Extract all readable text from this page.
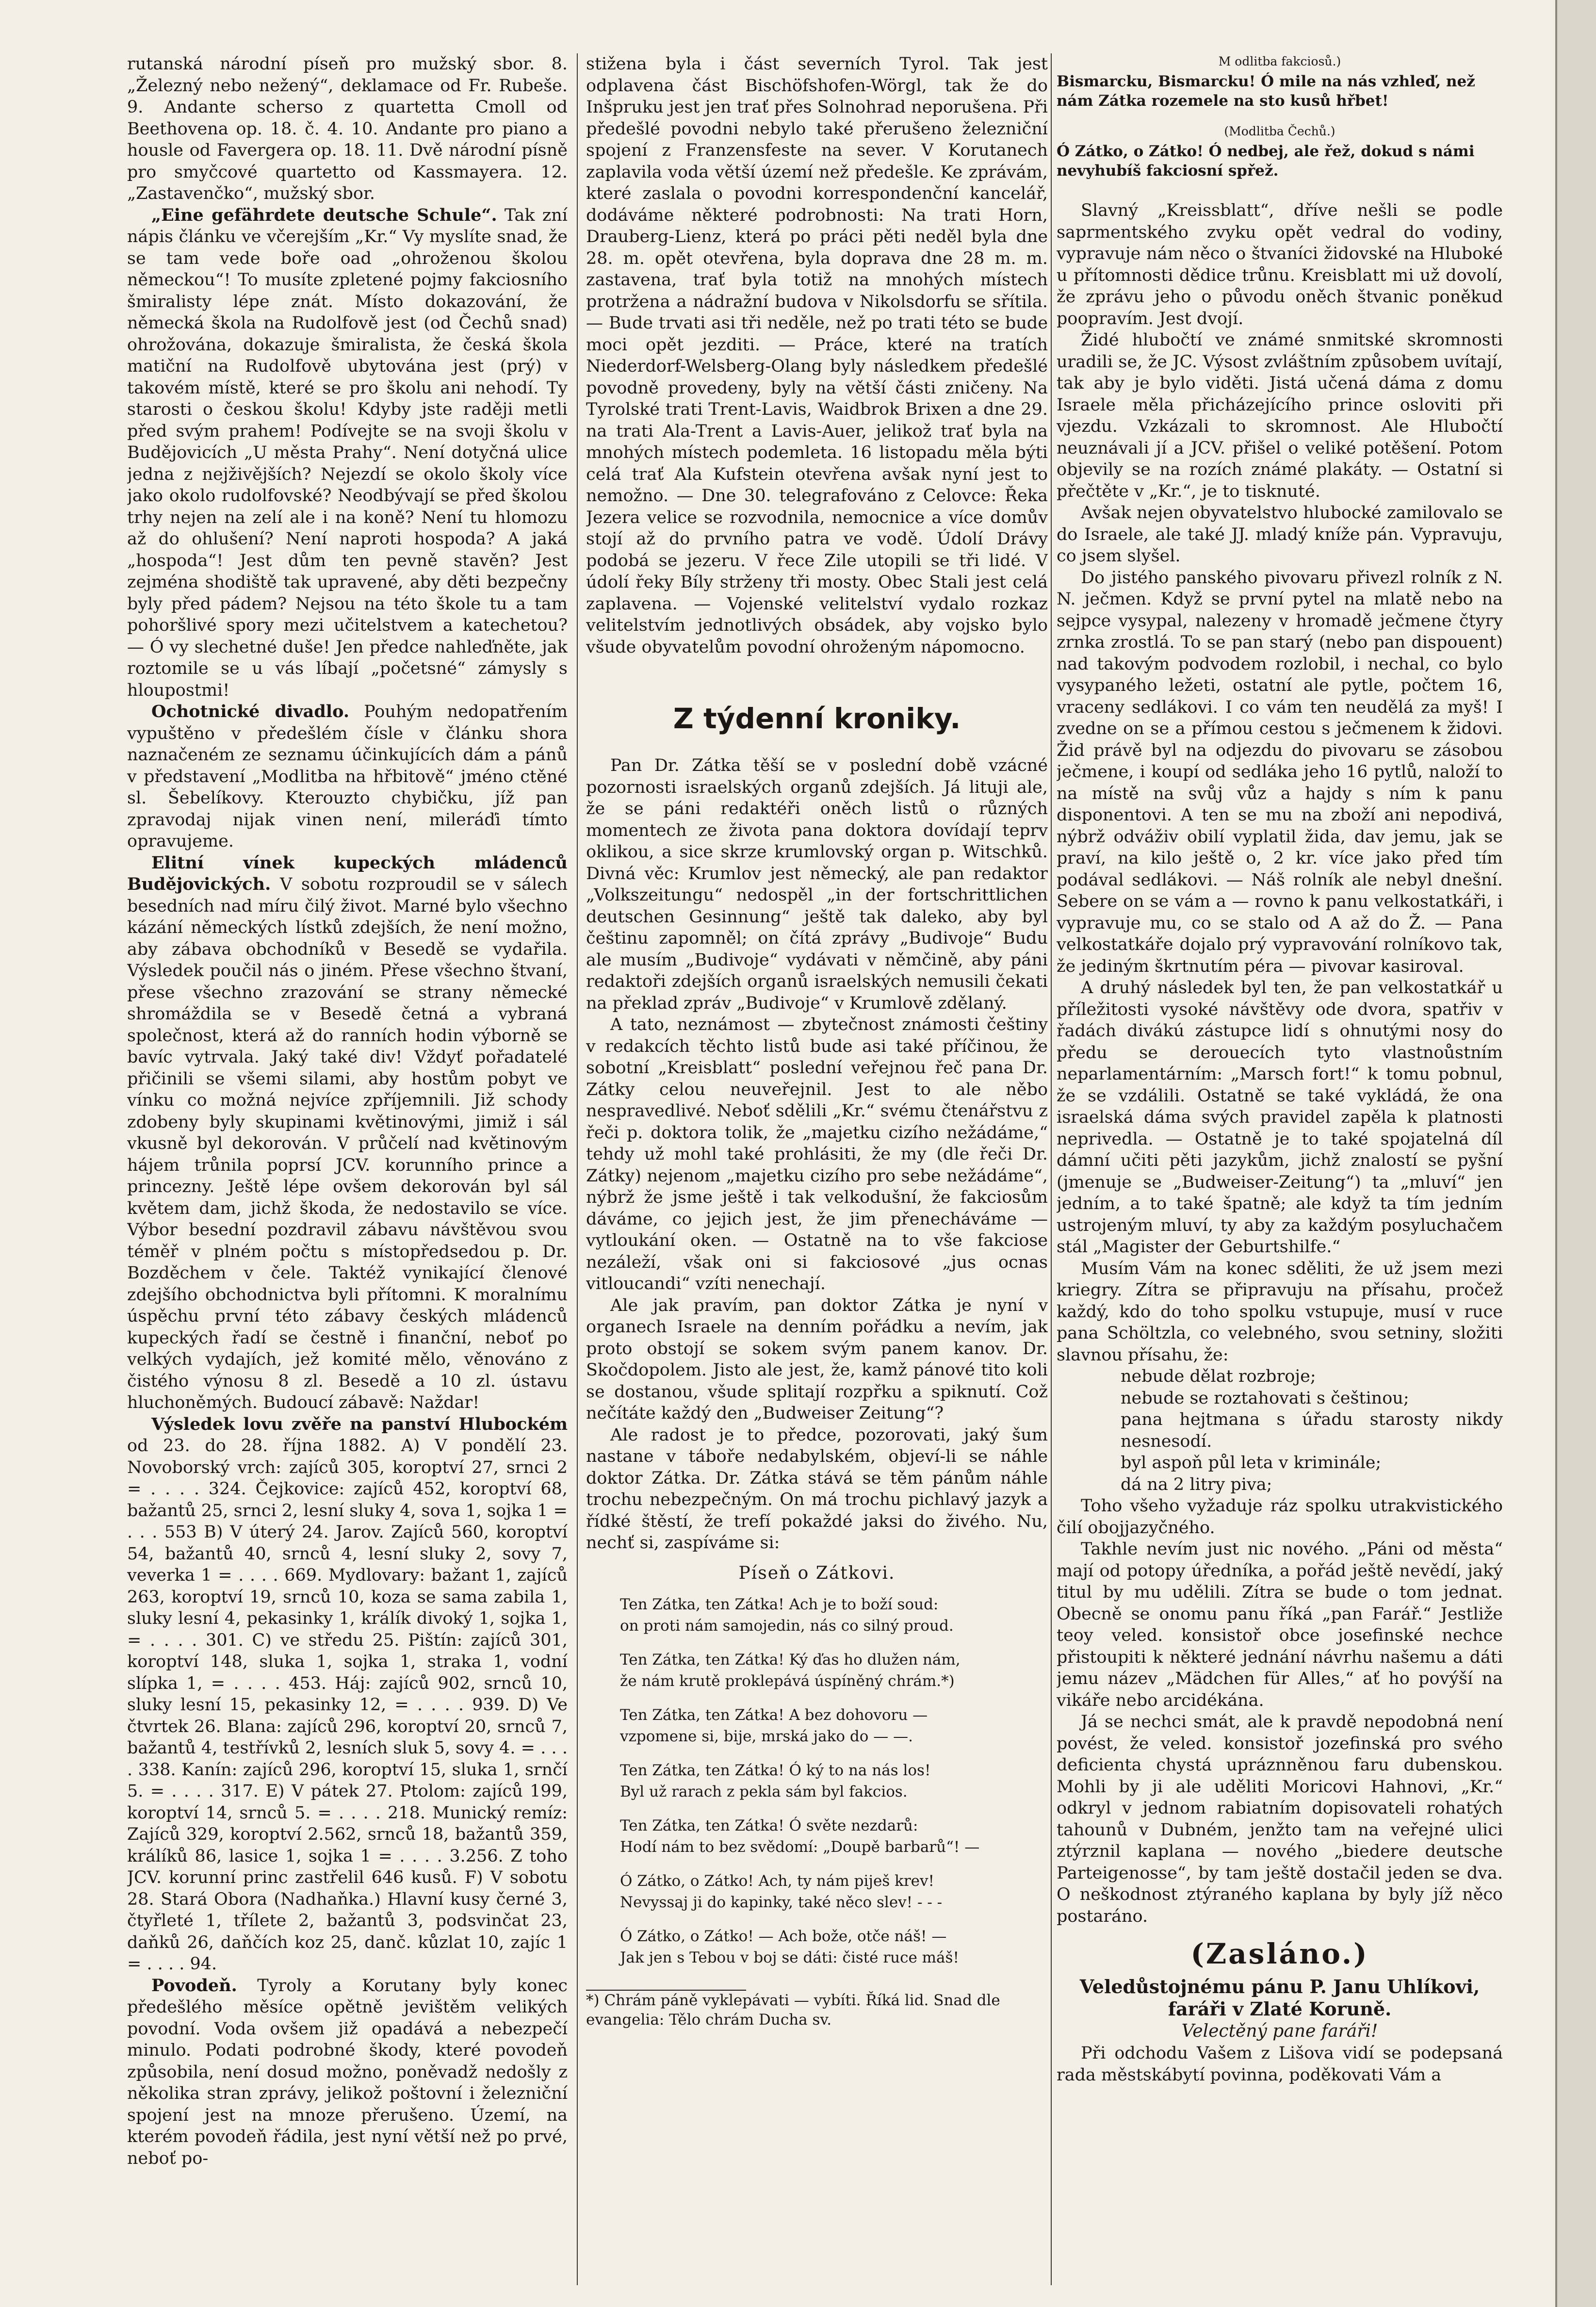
rutanská národní píseň pro mužský sbor. 8. „Železný nebo nežený“, deklamace od Fr. Rubeše. 9. Andante scherso z quartetta Cmoll od Beethovena op. 18. č. 4. 10. Andante pro piano a housle od Favergera op. 18. 11. Dvě národní písně pro smyčcové quartetto od Kassmayera. 12. „Zastavenčko“, mužský sbor.

„Eine gefährdete deutsche Schule“. Tak zní nápis článku ve včerejším „Kr.“ Vy myslíte snad, že se tam vede boře oad „ohroženou školou německou“! To musíte zpletené pojmy fakciosního šmiralisty lépe znát. Místo dokazování, že německá škola na Rudolfově jest (od Čechů snad) ohrožována, dokazuje šmiralista, že česká škola matiční na Rudolfově ubytována jest (prý) v takovém místě, které se pro školu ani nehodí. Ty starosti o českou školu! Kdyby jste raději metli před svým prahem! Podívejte se na svoji školu v Budějovicích „U města Prahy“. Není dotyčná ulice jedna z nejživějších? Nejezdí se okolo školy více jako okolo rudolfovské? Neodbývají se před školou trhy nejen na zelí ale i na koně? Není tu hlomozu až do ohlušení? Není naproti hospoda? A jaká „hospoda“! Jest dům ten pevně stavěn? Jest zejména shodiště tak upravené, aby děti bezpečny byly před pádem? Nejsou na této škole tu a tam pohoršlivé spory mezi učitelstvem a katechetou? — Ó vy slechetné duše! Jen předce nahleďněte, jak roztomile se u vás líbají „početsné“ zámysly s hloupostmi!

Ochotnické divadlo. Pouhým nedopatřením vypuštěno v předešlém čísle v článku shora naznačeném ze seznamu účinkujících dám a pánů v představení „Modlitba na hřbitově“ jméno ctěné sl. Šebelíkovy. Kterouzto chybičku, jíž pan zpravodaj nijak vinen není, mileráďi tímto opravujeme.

Elitní vínek kupeckých mládenců Budějovických. V sobotu rozproudil se v sálech besedních nad míru čilý život. Marné bylo všechno kázání německých lístků zdejších, že není možno, aby zábava obchodníků v Besedě se vydařila. Výsledek poučil nás o jiném. Přese všechno štvaní, přese všechno zrazování se strany německé shromáždila se v Besedě četná a vybraná společnost, která až do ranních hodin výborně se bavíc vytrvala. Jaký také div! Vždyť pořadatelé přičinili se všemi silami, aby hostům pobyt ve vínku co možná nejvíce zpříjemnili. Již schody zdobeny byly skupinami květinovými, jimiž i sál vkusně byl dekorován. V průčelí nad květinovým hájem trůnila poprsí JCV. korunního prince a princezny. Ještě lépe ovšem dekorován byl sál květem dam, jichž škoda, že nedostavilo se více. Výbor besední pozdravil zábavu návštěvou svou téměř v plném počtu s místopředsedou p. Dr. Bozděchem v čele. Taktéž vynikající členové zdejšího obchodnictva byli přítomni. K moralnímu úspěchu první této zábavy českých mládenců kupeckých řadí se čestně i finanční, neboť po velkých vydajích, jež komité mělo, věnováno z čistého výnosu 8 zl. Besedě a 10 zl. ústavu hluchoněmých. Budoucí zábavě: Naždar!

Výsledek lovu zvěře na panství Hlubockém od 23. do 28. října 1882. A) V pondělí 23. Novoborský vrch: zajíců 305, koroptví 27, srnci 2 = . . . . 324. Čejkovice: zajíců 452, koroptví 68, bažantů 25, srnci 2, lesní sluky 4, sova 1, sojka 1 = . . . 553 B) V úterý 24. Jarov. Zajíců 560, koroptví 54, bažantů 40, srnců 4, lesní sluky 2, sovy 7, veverka 1 = . . . . 669. Mydlovary: bažant 1, zajíců 263, koroptví 19, srnců 10, koza se sama zabila 1, sluky lesní 4, pekasinky 1, králík divoký 1, sojka 1, = . . . . 301. C) ve středu 25. Pištín: zajíců 301, koroptví 148, sluka 1, sojka 1, straka 1, vodní slípka 1, = . . . . 453. Háj: zajíců 902, srnců 10, sluky lesní 15, pekasinky 12, = . . . . 939. D) Ve čtvrtek 26. Blana: zajíců 296, koroptví 20, srnců 7, bažantů 4, testřívků 2, lesních sluk 5, sovy 4. = . . . . 338. Kanín: zajíců 296, koroptví 15, sluka 1, srnčí 5. = . . . . 317. E) V pátek 27. Ptolom: zajíců 199, koroptví 14, srnců 5. = . . . . 218. Munický remíz: Zajíců 329, koroptví 2.562, srnců 18, bažantů 359, králíků 86, lasice 1, sojka 1 = . . . . 3.256. Z toho JCV. korunní princ zastřelil 646 kusů. F) V sobotu 28. Stará Obora (Nadhaňka.) Hlavní kusy černé 3, čtyřleté 1, třílete 2, bažantů 3, podsvinčat 23, daňků 26, daňčích koz 25, danč. kůzlat 10, zajíc 1 = . . . . 94.

Povodeň. Tyroly a Korutany byly konec předešlého měsíce opětně jevištěm velikých povodní. Voda ovšem již opadává a nebezpečí minulo. Podati podrobné škody, které povodeň způsobila, není dosud možno, poněvadž nedošly z několika stran zprávy, jelikož poštovní i železniční spojení jest na mnoze přerušeno. Území, na kterém povodeň řádila, jest nyní větší než po prvé, neboť po-

stižena byla i část severních Tyrol. Tak jest odplavena část Bischöfshofen-Wörgl, tak že do Inšpruku jest jen trať přes Solnohrad neporušena. Při předešlé povodni nebylo také přerušeno železniční spojení z Franzensfeste na sever. V Korutanech zaplavila voda větší území než předešle. Ke zprávám, které zaslala o povodni korrespondenční kancelář, dodáváme některé podrobnosti: Na trati Horn, Drauberg-Lienz, která po práci pěti neděl byla dne 28. m. opět otevřena, byla doprava dne 28 m. m. zastavena, trať byla totiž na mnohých místech protržena a nádražní budova v Nikolsdorfu se sřítila. — Bude trvati asi tři neděle, než po trati této se bude moci opět jezditi. — Práce, které na tratích Niederdorf-Welsberg-Olang byly následkem předešlé povodně provedeny, byly na větší části zničeny. Na Tyrolské trati Trent-Lavis, Waidbrok Brixen a dne 29. na trati Ala-Trent a Lavis-Auer, jelikož trať byla na mnohých místech podemleta. 16 listopadu měla býti celá trať Ala Kufstein otevřena avšak nyní jest to nemožno. — Dne 30. telegrafováno z Celovce: Řeka Jezera velice se rozvodnila, nemocnice a více domův stojí až do prvního patra ve vodě. Údolí Drávy podobá se jezeru. V řece Zile utopili se tři lidé. V údolí řeky Bíly strženy tři mosty. Obec Stali jest celá zaplavena. — Vojenské velitelství vydalo rozkaz velitelstvím jednotlivých obsádek, aby vojsko bylo všude obyvatelům povodní ohroženým nápomocno.

Z týdenní kroniky.

Pan Dr. Zátka těší se v poslední době vzácné pozornosti israelských organů zdejších. Já lituji ale, že se páni redaktéři oněch listů o různých momentech ze života pana doktora dovídají teprv oklikou, a sice skrze krumlovský organ p. Witschků. Divná věc: Krumlov jest německý, ale pan redaktor „Volkszeitungu“ nedospěl „in der fortschrittlichen deutschen Gesinnung“ ještě tak daleko, aby byl češtinu zapomněl; on čítá zprávy „Budivoje“ Budu ale musím „Budivoje“ vydávati v němčině, aby páni redaktoři zdejších organů israelských nemusili čekati na překlad zpráv „Budivoje“ v Krumlově zdělaný.

A tato, neznámost — zbytečnost známosti češtiny v redakcích těchto listů bude asi také příčinou, že sobotní „Kreisblatt“ poslední veřejnou řeč pana Dr. Zátky celou neuveřejnil. Jest to ale něbo nespravedlivé. Neboť sdělili „Kr.“ svému čtenářstvu z řeči p. doktora tolik, že „majetku cizího nežádáme,“ tehdy už mohl také prohlásiti, že my (dle řeči Dr. Zátky) nejenom „majetku cizího pro sebe nežádáme“, nýbrž že jsme ještě i tak velkodušní, že fakciosům dáváme, co jejich jest, že jim přenecháváme — vytloukání oken. — Ostatně na to vše fakciose nezáleží, však oni si fakciosové „jus ocnas vitloucandi“ vzíti nenechají.

Ale jak pravím, pan doktor Zátka je nyní v organech Israele na denním pořádku a nevím, jak proto obstojí se sokem svým panem kanov. Dr. Skočdopolem. Jisto ale jest, že, kamž pánové tito koli se dostanou, všude splitají rozpřku a spiknutí. Což nečítáte každý den „Budweiser Zeitung“?

Ale radost je to předce, pozorovati, jaký šum nastane v táboře nedabylském, objeví-li se náhle doktor Zátka. Dr. Zátka stává se těm pánům náhle trochu nebezpečným. On má trochu pichlavý jazyk a řídké štěstí, že trefí pokaždé jaksi do živého. Nu, nechť si, zaspíváme si:

Píseň o Zátkovi.
Ten Zátka, ten Zátka! Ach je to boží soud:
on proti nám samojedin, nás co silný proud.
Ten Zátka, ten Zátka! Ký ďas ho dlužen nám,
že nám krutě proklepává úspíněný chrám.*)
Ten Zátka, ten Zátka! A bez dohovoru —
vzpomene si, bije, mrská jako do — —.
Ten Zátka, ten Zátka! Ó ký to na nás los!
Byl už rarach z pekla sám byl fakcios.
Ten Zátka, ten Zátka! Ó světe nezdarů:
Hodí nám to bez svědomí: „Doupě barbarů“! —
Ó Zátko, o Zátko! Ach, ty nám piješ krev!
Nevyssaj ji do kapinky, také něco slev! - - -
Ó Zátko, o Zátko! — Ach bože, otče náš! —
Jak jen s Tebou v boj se dáti: čisté ruce máš!

*) Chrám páně vyklepávati — vybíti. Říká lid. Snad dle evangelia: Tělo chrám Ducha sv.

M odlitba fakciosů.)

Bismarcku, Bismarcku! Ó mile na nás vzhleď, než nám Zátka rozemele na sto kusů hřbet!

(Modlitba Čechů.)

Ó Zátko, o Zátko! Ó nedbej, ale řež, dokud s námi nevyhubíš fakciosní spřež.

Slavný „Kreissblatt“, dříve nešli se podle saprmentského zvyku opět vedral do vodiny, vypravuje nám něco o štvaníci židovské na Hluboké u přítomnosti dědice trůnu. Kreisblatt mi už dovolí, že zprávu jeho o původu oněch štvanic poněkud poopravím. Jest dvojí.

Židé hlubočtí ve známé snmitské skromnosti uradili se, že JC. Výsost zvláštním způsobem uvítají, tak aby je bylo viděti. Jistá učená dáma z domu Israele měla přicházejícího prince osloviti při vjezdu. Vzkázali to skromnost. Ale Hlubočtí neuznávali jí a JCV. přišel o veliké potěšení. Potom objevily se na rozích známé plakáty. — Ostatní si přečtěte v „Kr.“, je to tisknuté.

Avšak nejen obyvatelstvo hlubocké zamilovalo se do Israele, ale také JJ. mladý kníže pán. Vypravuju, co jsem slyšel.

Do jistého panského pivovaru přivezl rolník z N. N. ječmen. Když se první pytel na mlatě nebo na sejpce vysypal, nalezeny v hromadě ječmene čtyry zrnka zrostlá. To se pan starý (nebo pan dispouent) nad takovým podvodem rozlobil, i nechal, co bylo vysypaného ležeti, ostatní ale pytle, počtem 16, vraceny sedlákovi. I co vám ten neudělá za myš! I zvedne on se a přímou cestou s ječmenem k židovi. Žid právě byl na odjezdu do pivovaru se zásobou ječmene, i koupí od sedláka jeho 16 pytlů, naloží to na místě na svůj vůz a hajdy s ním k panu disponentovi. A ten se mu na zboží ani nepodivá, nýbrž odváživ obilí vyplatil žida, dav jemu, jak se praví, na kilo ještě o, 2 kr. více jako před tím podával sedlákovi. — Náš rolník ale nebyl dnešní. Sebere on se vám a — rovno k panu velkostatkáři, i vypravuje mu, co se stalo od A až do Ž. — Pana velkostatkáře dojalo prý vypravování rolníkovo tak, že jediným škrtnutím péra — pivovar kasiroval.

A druhý následek byl ten, že pan velkostatkář u příležitosti vysoké návštěvy ode dvora, spatřiv v řadách divákú zástupce lidí s ohnutými nosy do předu se derouecích tyto vlastnoůstním neparlamentárním: „Marsch fort!“ k tomu pobnul, že se vzdálili. Ostatně se také vykládá, že ona israelská dáma svých pravidel zapěla k platnosti neprivedla. — Ostatně je to také spojatelná díl dámní učiti pěti jazykům, jichž znalostí se pyšní (jmenuje se „Budweiser-Zeitung“) ta „mluví“ jen jedním, a to také špatně; ale když ta tím jedním ustrojeným mluví, ty aby za každým posyluchačem stál „Magister der Geburtshilfe.“

Musím Vám na konec sděliti, že už jsem mezi kriegry. Zítra se připravuju na přísahu, pročež každý, kdo do toho spolku vstupuje, musí v ruce pana Schöltzla, co velebného, svou setniny, složiti slavnou přísahu, že:

nebude dělat rozbroje;
nebude se roztahovati s češtinou;
pana hejtmana s úřadu starosty nikdy nesnesodí.
byl aspoň půl leta v kriminále;
dá na 2 litry piva;

Toho všeho vyžaduje ráz spolku utrakvistického čilí obojjazyčného.

Takhle nevím just nic nového. „Páni od města“ mají od potopy úředníka, a pořád ještě nevědí, jaký titul by mu udělili. Zítra se bude o tom jednat. Obecně se onomu panu říká „pan Farář.“ Jestliže teoy veled. konsistoř obce josefinské nechce přistoupiti k některé jednání návrhu našemu a dáti jemu název „Mädchen für Alles,“ ať ho povýší na vikáře nebo arcidékána.

Já se nechci smát, ale k pravdě nepodobná není povést, že veled. konsistoř jozefinská pro svého deficienta chystá upráznněnou faru dubenskou. Mohli by ji ale uděliti Moricovi Hahnovi, „Kr.“ odkryl v jednom rabiatním dopisovateli rohatých tahounů v Dubném, jenžto tam na veřejné ulici ztýrznil kaplana — nového „biedere deutsche Parteigenosse“, by tam ještě dostačil jeden se dva. O neškodnost ztýraného kaplana by byly jíž něco postaráno.

(Zasláno.)
Veledůstojnému pánu P. Janu Uhlíkovi, faráři v Zlaté Koruně.
Velectěný pane faráři!

Při odchodu Vašem z Lišova vidí se podepsaná rada městskábytí povinna, poděkovati Vám a
